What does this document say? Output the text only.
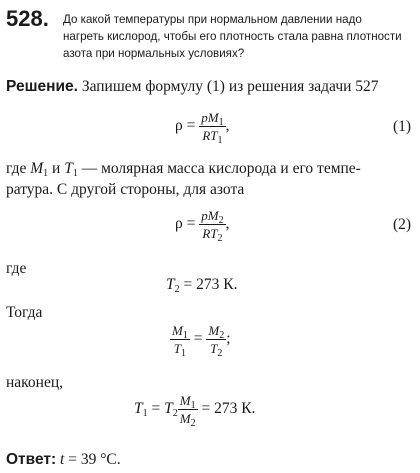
528. До какой температуры при нормальном давлении надо
нагреть кислород, чтобы его плотность стала равна плотности
азота при нормальных условиях?
Решение. Запишем формулу (1) из решения задачи 527
$\rho = \frac{pM_1}{RT_1}$ ,	(1)
где $M_1$ и $T_1$ — молярная масса кислорода и его темпе-
ратура. С другой стороны, для азота
$\rho = \frac{pM_2}{RT_2}$ ,	(2)
где
$T_2 = 273$ К.
Тогда
$\frac{M_1}{T_1} = \frac{M_2}{T_2}$ ;
наконец,
$T_1 = T_2 \frac{M_1}{M_2} = 273$ К.
Ответ: t = 39 °С.
